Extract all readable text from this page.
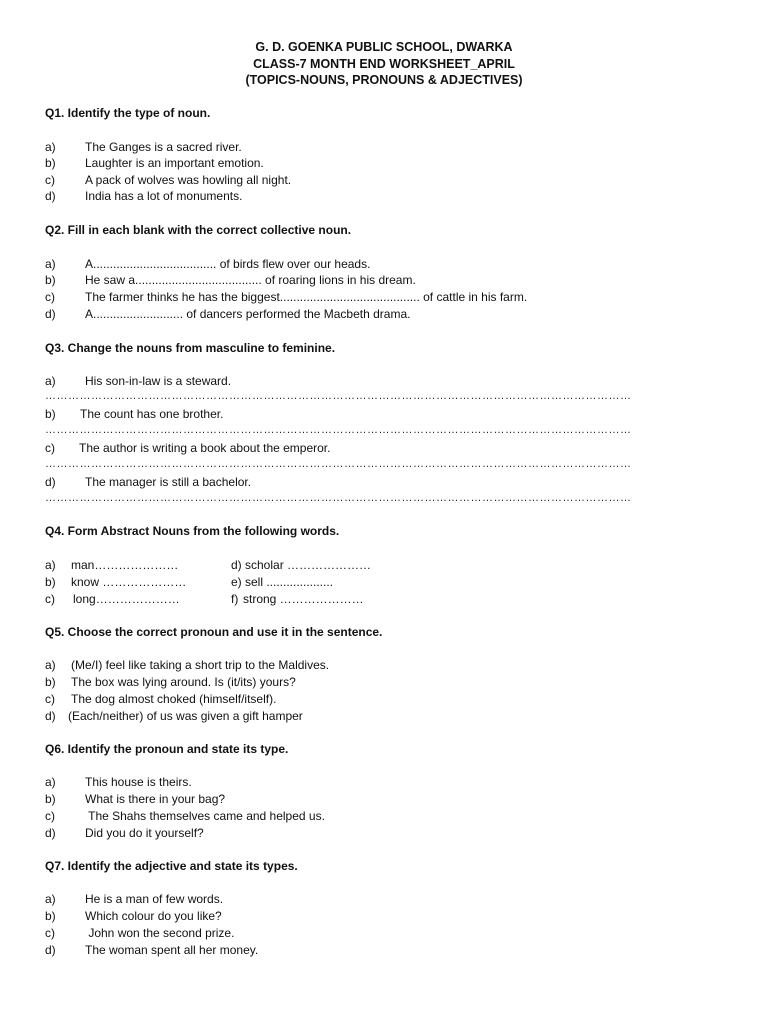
G. D. GOENKA PUBLIC SCHOOL, DWARKA
CLASS-7 MONTH END WORKSHEET_APRIL
(TOPICS-NOUNS, PRONOUNS & ADJECTIVES)
Q1. Identify the type of noun.
a) The Ganges is a sacred river.
b) Laughter is an important emotion.
c)	A pack of wolves was howling all night.
d) India has a lot of monuments.
Q2. Fill in each blank with the correct collective noun.
a) A..................................... of birds flew over our heads.
b) He saw a...................................... of roaring lions in his dream.
c)	The farmer thinks he has the biggest.......................................... of cattle in his farm.
d) A........................... of dancers performed the Macbeth drama.
Q3. Change the nouns from masculine to feminine.
a) His son-in-law is a steward.
………………………………………………………………………………………………………………………………………
b) The count has one brother.
………………………………………………………………………………………………………………………………………
c) The author is writing a book about the emperor.
………………………………………………………………………………………………………………………………………
d) The manager is still a bachelor.
………………………………………………………………………………………………………………………………………
Q4. Form Abstract Nouns from the following words.
a) man…………………	d) scholar …………………
b) know …………………	e) sell ....................
c) long…………………	f) strong …………………
Q5. Choose the correct pronoun and use it in the sentence.
a) (Me/I) feel like taking a short trip to the Maldives.
b) The box was lying around. Is (it/its) yours?
c) The dog almost choked (himself/itself).
d) (Each/neither) of us was given a gift hamper
Q6. Identify the pronoun and state its type.
a) This house is theirs.
b) What is there in your bag?
c)	The Shahs themselves came and helped us.
d) Did you do it yourself?
Q7. Identify the adjective and state its types.
a) He is a man of few words.
b) Which colour do you like?
c)	John won the second prize.
d) The woman spent all her money.
